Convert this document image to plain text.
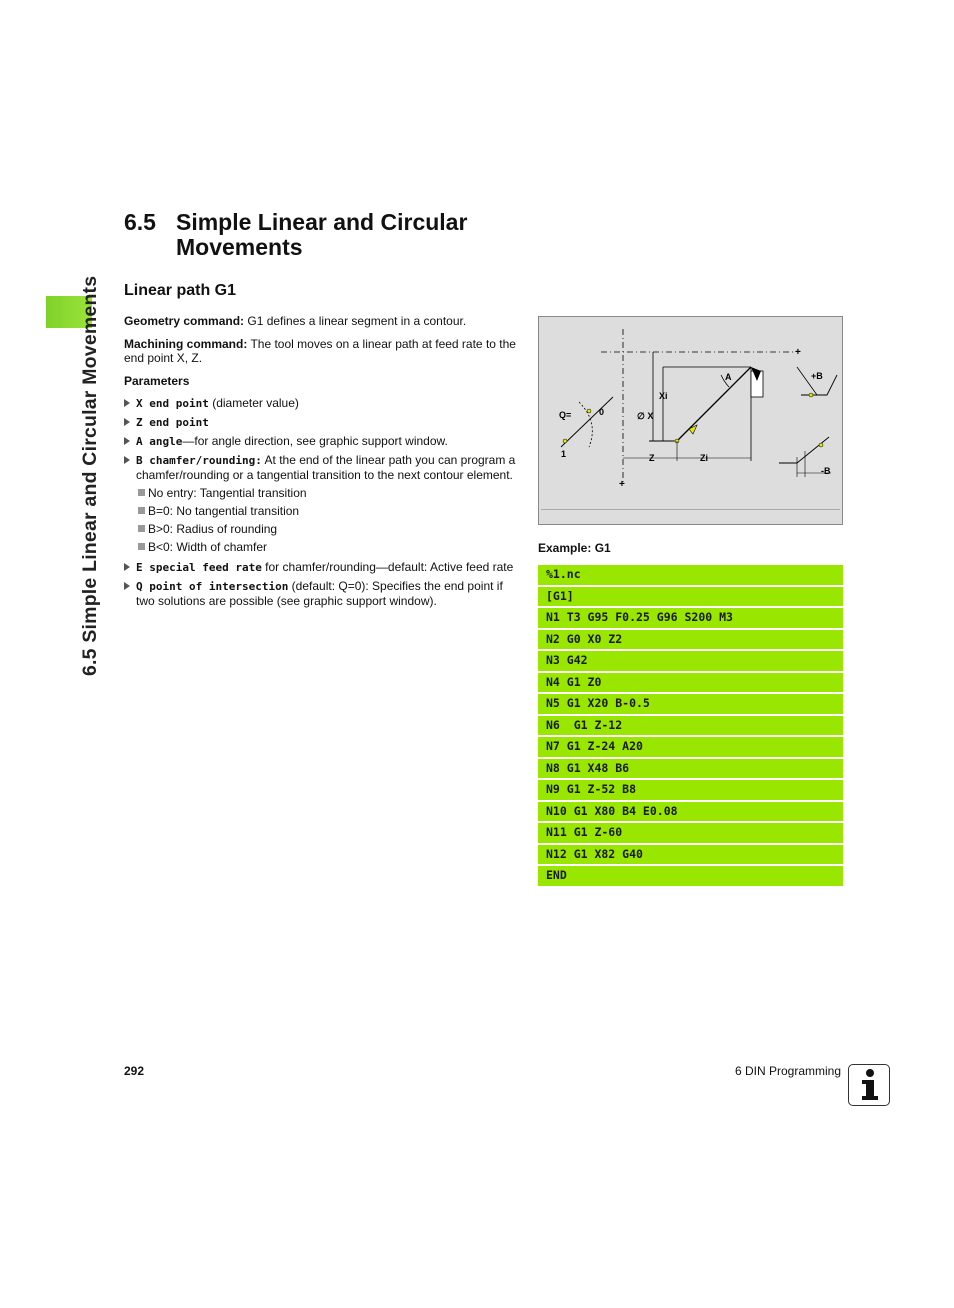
6.5 Simple Linear and Circular Movements
6.5 Simple Linear and Circular
Movements
Linear path G1

Geometry command: G1 defines a linear segment in a contour.

Machining command: The tool moves on a linear path at feed rate to the end point X, Z.

Parameters
X end point (diameter value)
Z end point
A angle—for angle direction, see graphic support window.
B chamfer/rounding: At the end of the linear path you can program a chamfer/rounding or a tangential transition to the next contour element.
No entry: Tangential transition
B=0: No tangential transition
B>0: Radius of rounding
B<0: Width of chamfer
E special feed rate for chamfer/rounding—default: Active feed rate
Q point of intersection (default: Q=0): Specifies the end point if two solutions are possible (see graphic support window).
+
+
A
Xi
∅ X
Z	Zi
Q=	0
1
+B
-B
Example: G1
%1.nc
[G1]
N1 T3 G95 F0.25 G96 S200 M3
N2 G0 X0 Z2
N3 G42
N4 G1 Z0
N5 G1 X20 B-0.5
N6  G1 Z-12
N7 G1 Z-24 A20
N8 G1 X48 B6
N9 G1 Z-52 B8
N10 G1 X80 B4 E0.08
N11 G1 Z-60
N12 G1 X82 G40
END
292	6 DIN Programming
